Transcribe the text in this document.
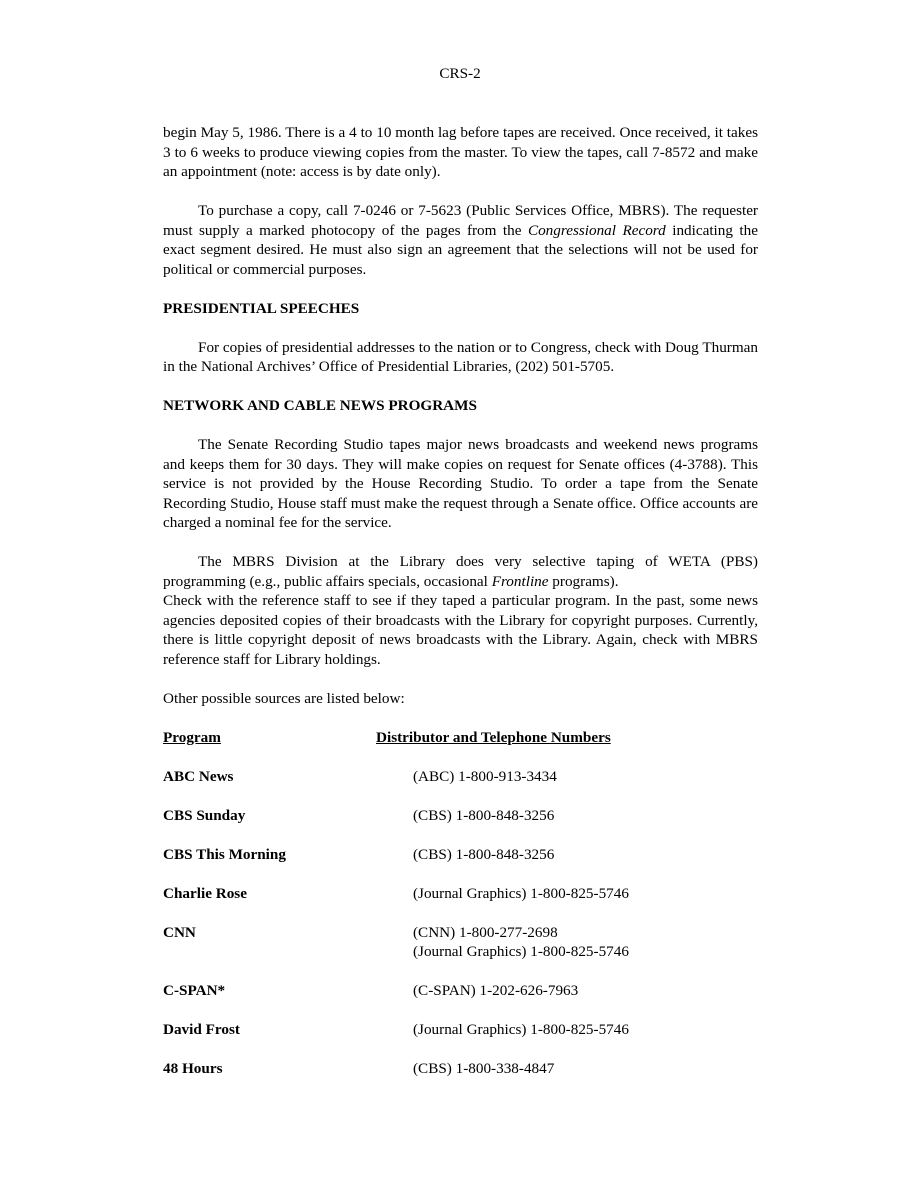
CRS-2

begin May 5, 1986. There is a 4 to 10 month lag before tapes are received. Once received, it takes 3 to 6 weeks to produce viewing copies from the master. To view the tapes, call 7-8572 and make an appointment (note: access is by date only).

To purchase a copy, call 7-0246 or 7-5623 (Public Services Office, MBRS). The requester must supply a marked photocopy of the pages from the Congressional Record indicating the exact segment desired. He must also sign an agreement that the selections will not be used for political or commercial purposes.

PRESIDENTIAL SPEECHES

For copies of presidential addresses to the nation or to Congress, check with Doug Thurman in the National Archives’ Office of Presidential Libraries, (202) 501-5705.

NETWORK AND CABLE NEWS PROGRAMS

The Senate Recording Studio tapes major news broadcasts and weekend news programs and keeps them for 30 days. They will make copies on request for Senate offices (4-3788). This service is not provided by the House Recording Studio. To order a tape from the Senate Recording Studio, House staff must make the request through a Senate office. Office accounts are charged a nominal fee for the service.

The MBRS Division at the Library does very selective taping of WETA (PBS) programming (e.g., public affairs specials, occasional Frontline programs).

Check with the reference staff to see if they taped a particular program. In the past, some news agencies deposited copies of their broadcasts with the Library for copyright purposes. Currently, there is little copyright deposit of news broadcasts with the Library. Again, check with MBRS reference staff for Library holdings.

Other possible sources are listed below:

Program	Distributor and Telephone Numbers
ABC News	(ABC) 1-800-913-3434
CBS Sunday	(CBS) 1-800-848-3256
CBS This Morning	(CBS) 1-800-848-3256
Charlie Rose	(Journal Graphics) 1-800-825-5746
CNN	(CNN) 1-800-277-2698
(Journal Graphics) 1-800-825-5746
C-SPAN*	(C-SPAN) 1-202-626-7963
David Frost	(Journal Graphics) 1-800-825-5746
48 Hours	(CBS) 1-800-338-4847
